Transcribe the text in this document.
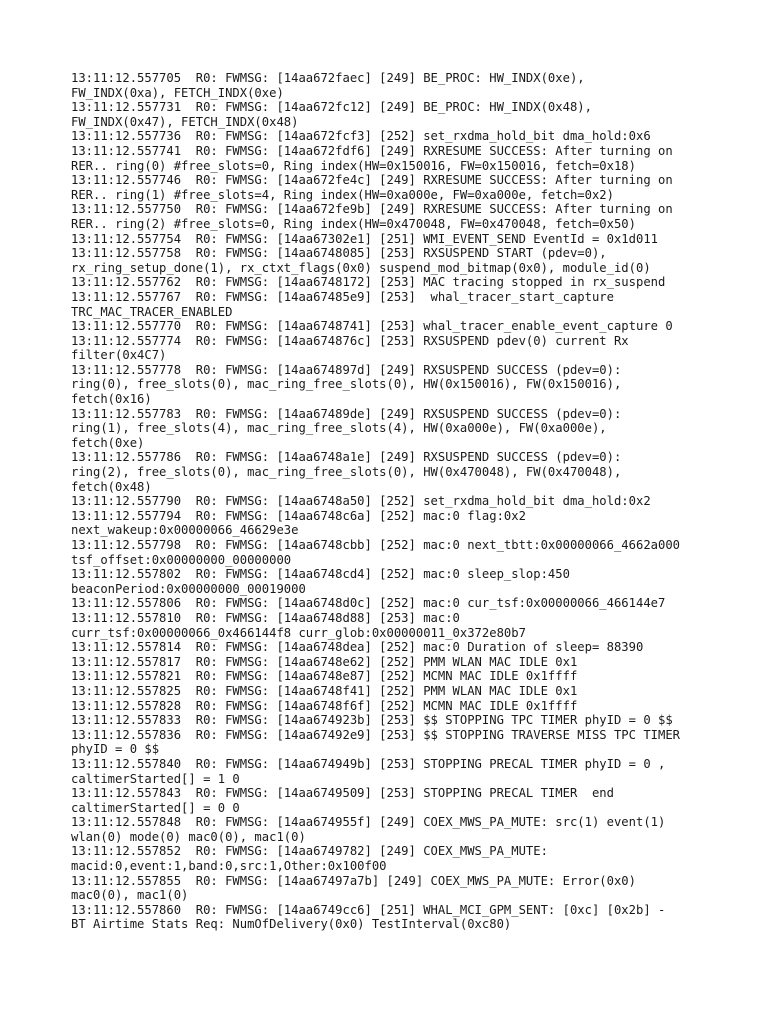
13:11:12.557705  R0: FWMSG: [14aa672faec] [249] BE_PROC: HW_INDX(0xe),
FW_INDX(0xa), FETCH_INDX(0xe)
13:11:12.557731  R0: FWMSG: [14aa672fc12] [249] BE_PROC: HW_INDX(0x48),
FW_INDX(0x47), FETCH_INDX(0x48)
13:11:12.557736  R0: FWMSG: [14aa672fcf3] [252] set_rxdma_hold_bit dma_hold:0x6
13:11:12.557741  R0: FWMSG: [14aa672fdf6] [249] RXRESUME SUCCESS: After turning on
RER.. ring(0) #free_slots=0, Ring index(HW=0x150016, FW=0x150016, fetch=0x18)
13:11:12.557746  R0: FWMSG: [14aa672fe4c] [249] RXRESUME SUCCESS: After turning on
RER.. ring(1) #free_slots=4, Ring index(HW=0xa000e, FW=0xa000e, fetch=0x2)
13:11:12.557750  R0: FWMSG: [14aa672fe9b] [249] RXRESUME SUCCESS: After turning on
RER.. ring(2) #free_slots=0, Ring index(HW=0x470048, FW=0x470048, fetch=0x50)
13:11:12.557754  R0: FWMSG: [14aa67302e1] [251] WMI_EVENT_SEND EventId = 0x1d011
13:11:12.557758  R0: FWMSG: [14aa6748085] [253] RXSUSPEND START (pdev=0),
rx_ring_setup_done(1), rx_ctxt_flags(0x0) suspend_mod_bitmap(0x0), module_id(0)
13:11:12.557762  R0: FWMSG: [14aa6748172] [253] MAC tracing stopped in rx_suspend
13:11:12.557767  R0: FWMSG: [14aa67485e9] [253]  whal_tracer_start_capture
TRC_MAC_TRACER_ENABLED
13:11:12.557770  R0: FWMSG: [14aa6748741] [253] whal_tracer_enable_event_capture 0
13:11:12.557774  R0: FWMSG: [14aa674876c] [253] RXSUSPEND pdev(0) current Rx
filter(0x4C7)
13:11:12.557778  R0: FWMSG: [14aa674897d] [249] RXSUSPEND SUCCESS (pdev=0):
ring(0), free_slots(0), mac_ring_free_slots(0), HW(0x150016), FW(0x150016),
fetch(0x16)
13:11:12.557783  R0: FWMSG: [14aa67489de] [249] RXSUSPEND SUCCESS (pdev=0):
ring(1), free_slots(4), mac_ring_free_slots(4), HW(0xa000e), FW(0xa000e),
fetch(0xe)
13:11:12.557786  R0: FWMSG: [14aa6748a1e] [249] RXSUSPEND SUCCESS (pdev=0):
ring(2), free_slots(0), mac_ring_free_slots(0), HW(0x470048), FW(0x470048),
fetch(0x48)
13:11:12.557790  R0: FWMSG: [14aa6748a50] [252] set_rxdma_hold_bit dma_hold:0x2
13:11:12.557794  R0: FWMSG: [14aa6748c6a] [252] mac:0 flag:0x2
next_wakeup:0x00000066_46629e3e
13:11:12.557798  R0: FWMSG: [14aa6748cbb] [252] mac:0 next_tbtt:0x00000066_4662a000
tsf_offset:0x00000000_00000000
13:11:12.557802  R0: FWMSG: [14aa6748cd4] [252] mac:0 sleep_slop:450
beaconPeriod:0x00000000_00019000
13:11:12.557806  R0: FWMSG: [14aa6748d0c] [252] mac:0 cur_tsf:0x00000066_466144e7
13:11:12.557810  R0: FWMSG: [14aa6748d88] [253] mac:0
curr_tsf:0x00000066_0x466144f8 curr_glob:0x00000011_0x372e80b7
13:11:12.557814  R0: FWMSG: [14aa6748dea] [252] mac:0 Duration of sleep= 88390
13:11:12.557817  R0: FWMSG: [14aa6748e62] [252] PMM WLAN MAC IDLE 0x1
13:11:12.557821  R0: FWMSG: [14aa6748e87] [252] MCMN MAC IDLE 0x1ffff
13:11:12.557825  R0: FWMSG: [14aa6748f41] [252] PMM WLAN MAC IDLE 0x1
13:11:12.557828  R0: FWMSG: [14aa6748f6f] [252] MCMN MAC IDLE 0x1ffff
13:11:12.557833  R0: FWMSG: [14aa674923b] [253] $$ STOPPING TPC TIMER phyID = 0 $$
13:11:12.557836  R0: FWMSG: [14aa67492e9] [253] $$ STOPPING TRAVERSE MISS TPC TIMER
phyID = 0 $$
13:11:12.557840  R0: FWMSG: [14aa674949b] [253] STOPPING PRECAL TIMER phyID = 0 ,
caltimerStarted[] = 1 0
13:11:12.557843  R0: FWMSG: [14aa6749509] [253] STOPPING PRECAL TIMER  end
caltimerStarted[] = 0 0
13:11:12.557848  R0: FWMSG: [14aa674955f] [249] COEX_MWS_PA_MUTE: src(1) event(1)
wlan(0) mode(0) mac0(0), mac1(0)
13:11:12.557852  R0: FWMSG: [14aa6749782] [249] COEX_MWS_PA_MUTE:
macid:0,event:1,band:0,src:1,Other:0x100f00
13:11:12.557855  R0: FWMSG: [14aa67497a7b] [249] COEX_MWS_PA_MUTE: Error(0x0)
mac0(0), mac1(0)
13:11:12.557860  R0: FWMSG: [14aa6749cc6] [251] WHAL_MCI_GPM_SENT: [0xc] [0x2b] -
BT Airtime Stats Req: NumOfDelivery(0x0) TestInterval(0xc80)
